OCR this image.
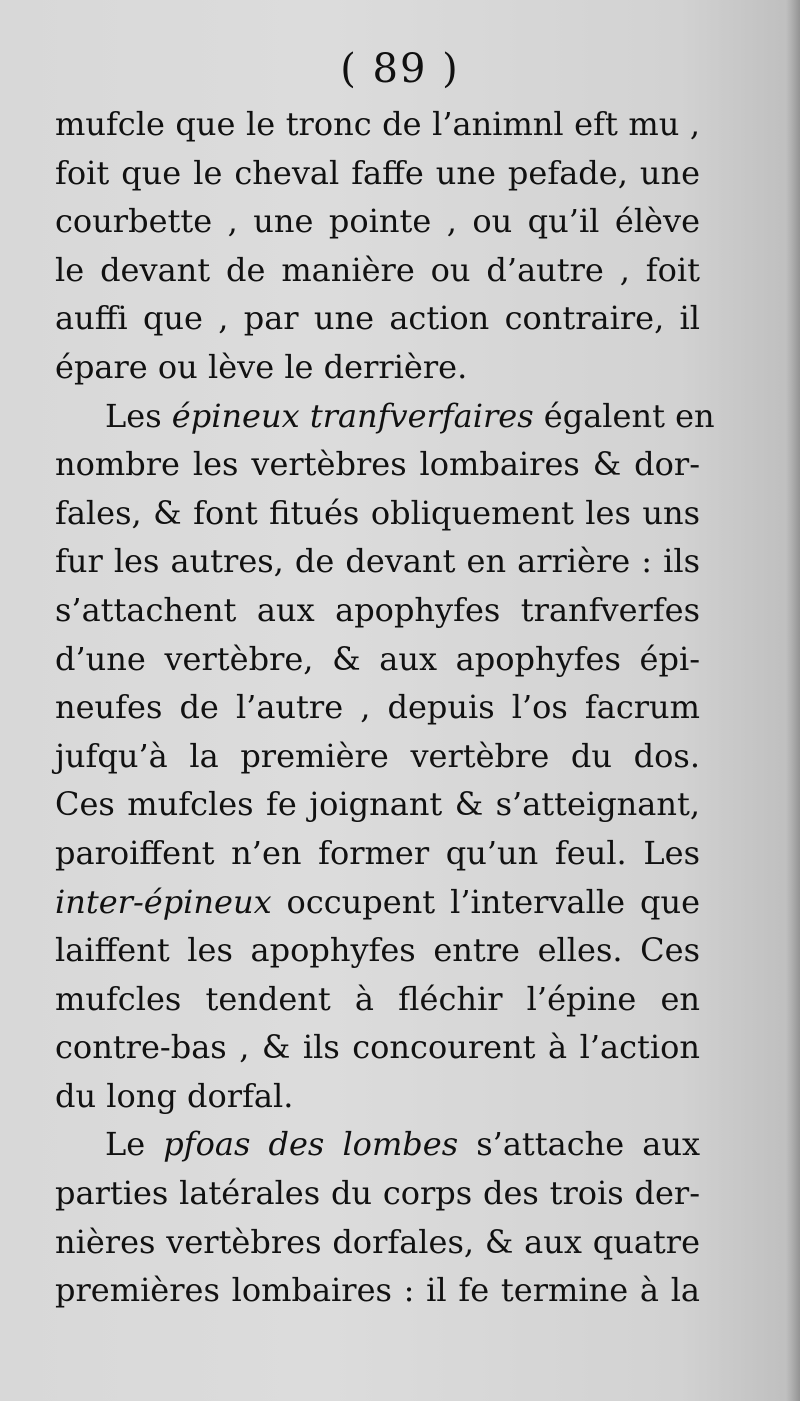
( 89 )
mufcle que le tronc de l’animnl eft mu ,
foit que le cheval faffe une pefade, une
courbette , une pointe , ou qu’il élève
le devant de manière ou d’autre , foit
auffi que , par une action contraire, il
épare ou lève le derrière.
Les épineux tranfverfaires égalent en
nombre les vertèbres lombaires & dor-
fales, & font fitués obliquement les uns
fur les autres, de devant en arrière : ils
s’attachent aux apophyfes tranfverfes
d’une vertèbre, & aux apophyfes épi-
neufes de l’autre , depuis l’os facrum
jufqu’à la première vertèbre du dos.
Ces mufcles fe joignant & s’atteignant,
paroiffent n’en former qu’un feul. Les
inter-épineux occupent l’intervalle que
laiffent les apophyfes entre elles. Ces
mufcles tendent à fléchir l’épine en
contre-bas , & ils concourent à l’action
du long dorfal.
Le pfoas des lombes s’attache aux
parties latérales du corps des trois der-
nières vertèbres dorfales, & aux quatre
premières lombaires : il fe termine à la
